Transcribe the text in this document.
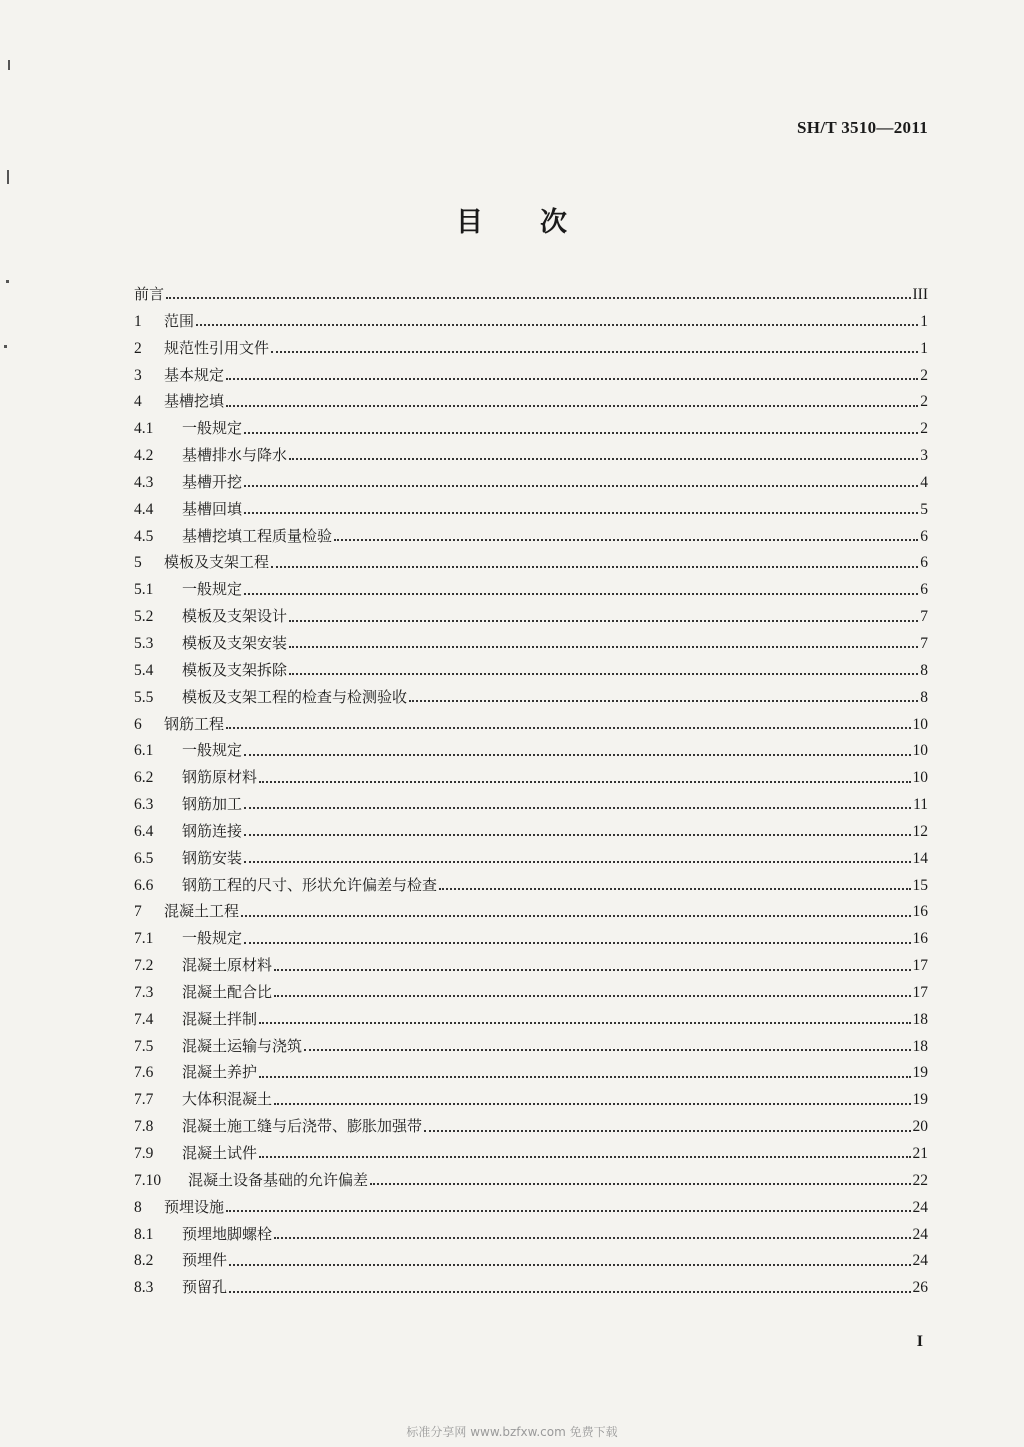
SH/T 3510—2011
目 次
前言	III
1	范围	1
2	规范性引用文件	1
3	基本规定	2
4	基槽挖填	2
4.1	一般规定	2
4.2	基槽排水与降水	3
4.3	基槽开挖	4
4.4	基槽回填	5
4.5	基槽挖填工程质量检验	6
5	模板及支架工程	6
5.1	一般规定	6
5.2	模板及支架设计	7
5.3	模板及支架安装	7
5.4	模板及支架拆除	8
5.5	模板及支架工程的检查与检测验收	8
6	钢筋工程	10
6.1	一般规定	10
6.2	钢筋原材料	10
6.3	钢筋加工	11
6.4	钢筋连接	12
6.5	钢筋安装	14
6.6	钢筋工程的尺寸、形状允许偏差与检查	15
7	混凝土工程	16
7.1	一般规定	16
7.2	混凝土原材料	17
7.3	混凝土配合比	17
7.4	混凝土拌制	18
7.5	混凝土运输与浇筑	18
7.6	混凝土养护	19
7.7	大体积混凝土	19
7.8	混凝土施工缝与后浇带、膨胀加强带	20
7.9	混凝土试件	21
7.10	混凝土设备基础的允许偏差	22
8	预埋设施	24
8.1	预埋地脚螺栓	24
8.2	预埋件	24
8.3	预留孔	26
I
标准分享网 www.bzfxw.com 免费下载
